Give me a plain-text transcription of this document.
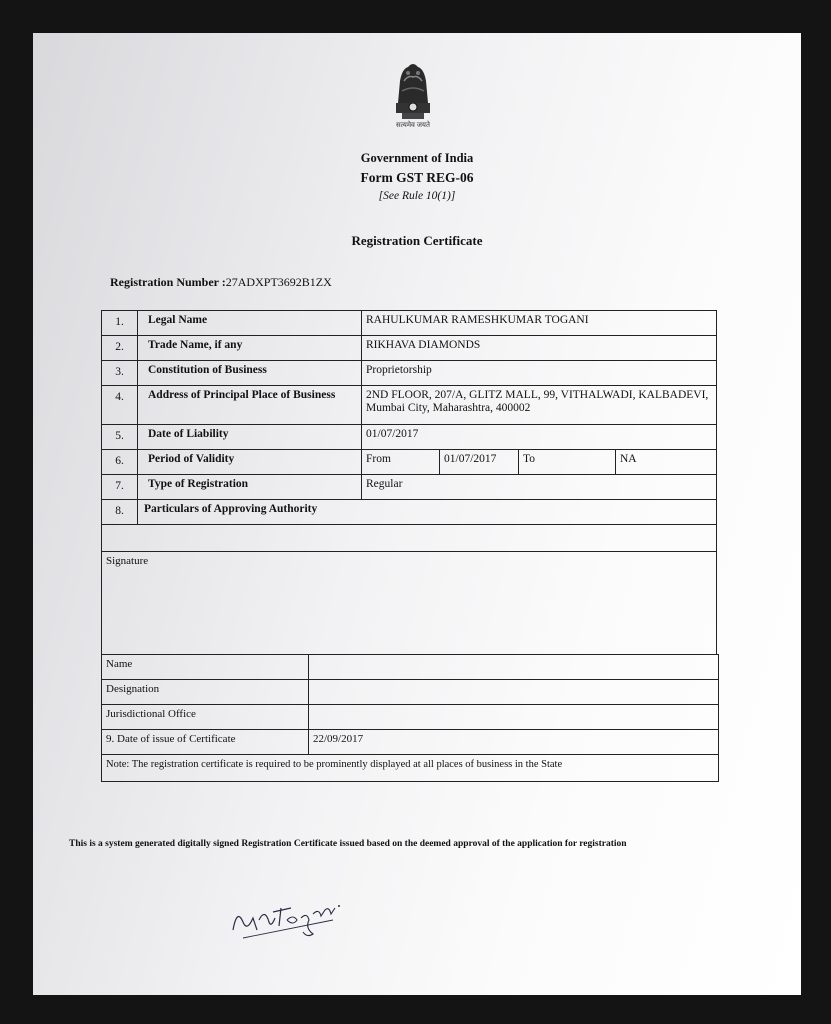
सत्यमेव जयते
Government of India
Form GST REG-06
[See Rule 10(1)]
Registration Certificate
Registration Number :27ADXPT3692B1ZX
1.	Legal Name	RAHULKUMAR RAMESHKUMAR TOGANI
2.	Trade Name, if any	RIKHAVA DIAMONDS
3.	Constitution of Business	Proprietorship
4.	Address of Principal Place of Business	2ND FLOOR, 207/A, GLITZ MALL, 99, VITHALWADI, KALBADEVI, Mumbai City, Maharashtra, 400002
5.	Date of Liability	01/07/2017
6.	Period of Validity	From	01/07/2017	To	NA
7.	Type of Registration	Regular
8.	Particulars of Approving Authority
Signature
Name
Designation
Jurisdictional Office
9. Date of issue of Certificate	22/09/2017
Note: The registration certificate is required to be prominently displayed at all places of business in the State
This is a system generated digitally signed Registration Certificate issued based on the deemed approval of the application for registration
